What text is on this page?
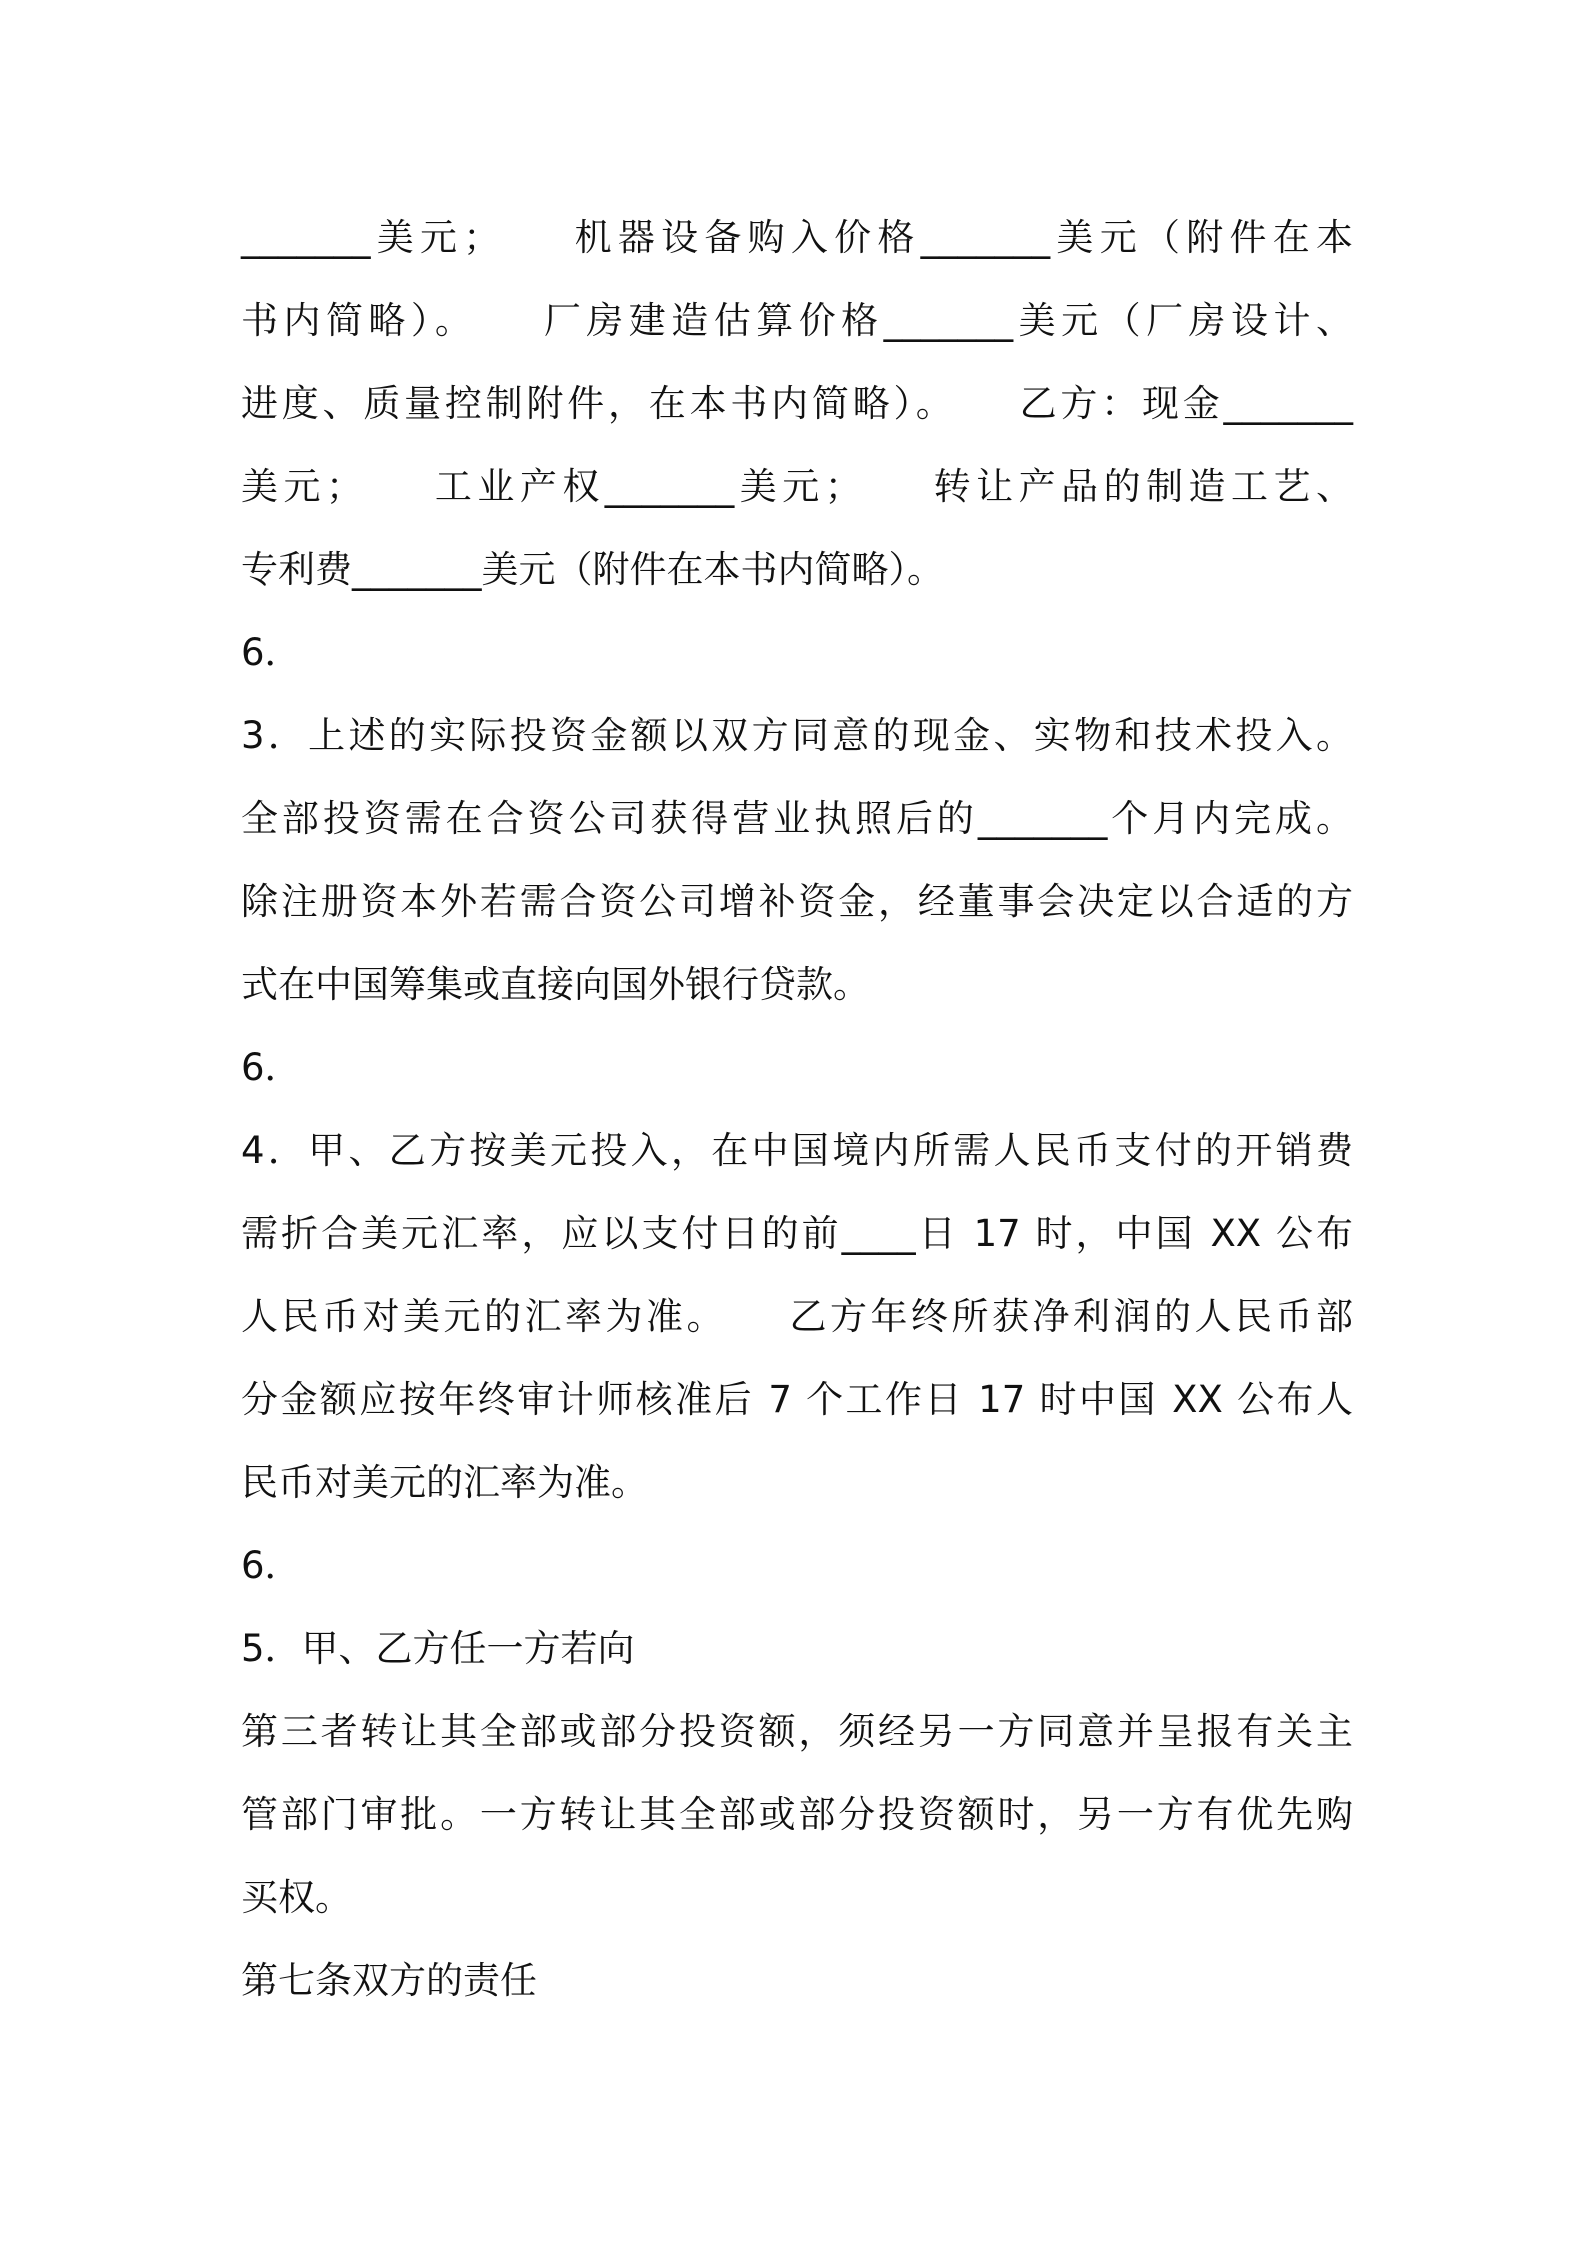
_______美元；　　机器设备购入价格_______美元（附件在本
书内简略）。　　厂房建造估算价格_______美元（厂房设计、
进度、质量控制附件，在本书内简略）。　　乙方：现金_______
美元；　　工业产权_______美元；　　转让产品的制造工艺、
专利费_______美元（附件在本书内简略）。
6．
3．上述的实际投资金额以双方同意的现金、实物和技术投入。
全部投资需在合资公司获得营业执照后的_______个月内完成。
除注册资本外若需合资公司增补资金，经董事会决定以合适的方
式在中国筹集或直接向国外银行贷款。
6．
4．甲、乙方按美元投入，在中国境内所需人民币支付的开销费
需折合美元汇率，应以支付日的前____日 17 时，中国 XX 公布
人民币对美元的汇率为准。　　乙方年终所获净利润的人民币部
分金额应按年终审计师核准后 7 个工作日 17 时中国 XX 公布人
民币对美元的汇率为准。
6．
5．甲、乙方任一方若向
第三者转让其全部或部分投资额，须经另一方同意并呈报有关主
管部门审批。一方转让其全部或部分投资额时，另一方有优先购
买权。
第七条双方的责任
